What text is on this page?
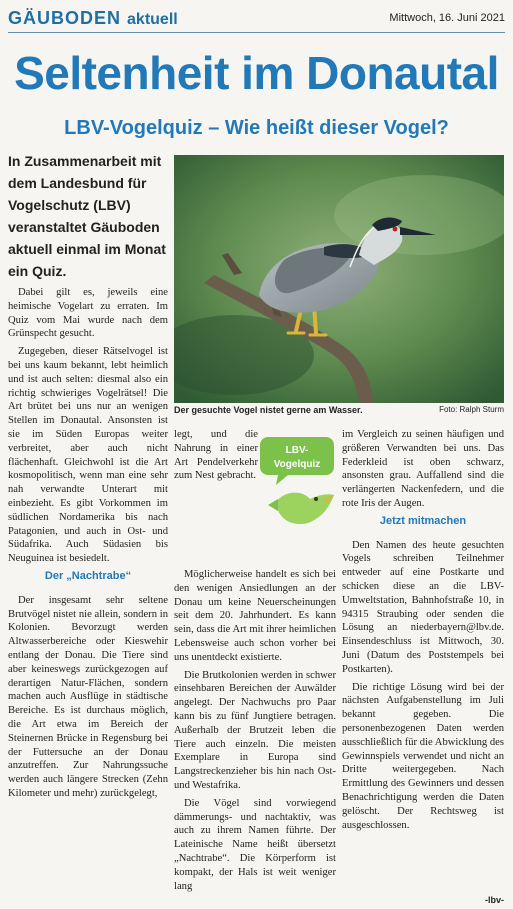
GÄUBODEN aktuell	Mittwoch, 16. Juni 2021
Seltenheit im Donautal
LBV-Vogelquiz – Wie heißt dieser Vogel?
In Zusammenarbeit mit dem Landesbund für Vogelschutz (LBV) veranstaltet Gäuboden aktuell einmal im Monat ein Quiz.
Der gesuchte Vogel nistet gerne am Wasser.	Foto: Ralph Sturm

Dabei gilt es, jeweils eine heimische Vogelart zu erraten. Im Quiz vom Mai wurde nach dem Grünspecht gesucht.

Zugegeben, dieser Rätselvogel ist bei uns kaum bekannt, lebt heimlich und ist auch selten: diesmal also ein richtig schwieriges Vogelrätsel! Die Art brütet bei uns nur an wenigen Stellen im Donautal. Ansonsten ist sie im Süden Europas weiter verbreitet, aber auch nicht flächenhaft. Gleichwohl ist die Art kosmopolitisch, wenn man eine sehr nah verwandte Unterart mit einbezieht. Es gibt Vorkommen im südlichen Nordamerika bis nach Patagonien, und auch in Ost- und Südafrika. Auch Südasien bis Neuguinea ist besiedelt.

Der „Nachtrabe“

Der insgesamt sehr seltene Brutvögel nistet nie allein, sondern in Kolonien. Bevorzugt werden Altwasserbereiche oder Kieswehir entlang der Donau. Die Tiere sind aber keineswegs zurückgezogen auf derartigen Natur-Flächen, sondern machen auch Ausflüge in städtische Bereiche. Es ist durchaus möglich, die Art etwa im Bereich der Steinernen Brücke in Regensburg bei der Futtersuche an der Donau anzutreffen. Zur Nahrungssuche werden auch längere Strecken (Zehn Kilometer und mehr) zurückgelegt,

legt, und die Nahrung in einer Art Pendelverkehr zum Nest gebracht.

LBV-
Vogelquiz

Möglicherweise handelt es sich bei den wenigen Ansiedlungen an der Donau um keine Neuerscheinungen seit dem 20. Jahrhundert. Es kann sein, dass die Art mit ihrer heimlichen Lebensweise auch schon vorher bei uns unentdeckt existierte.

Die Brutkolonien werden in schwer einsehbaren Bereichen der Auwälder angelegt. Der Nachwuchs pro Paar kann bis zu fünf Jungtiere betragen. Außerhalb der Brutzeit leben die Tiere auch einzeln. Die meisten Exemplare in Europa sind Langstreckenzieher bis hin nach Ost- und Westafrika.

Die Vögel sind vorwiegend dämmerungs- und nachtaktiv, was auch zu ihrem Namen führte. Der Lateinische Name heißt übersetzt „Nachtrabe“. Die Körperform ist kompakt, der Hals ist weit weniger lang

im Vergleich zu seinen häufigen und größeren Verwandten bei uns. Das Federkleid ist oben schwarz, ansonsten grau. Auffallend sind die verlängerten Nackenfedern, und die rote Iris der Augen.

Jetzt mitmachen

Den Namen des heute gesuchten Vogels schreiben Teilnehmer entweder auf eine Postkarte und schicken diese an die LBV-Umweltstation, Bahnhofstraße 10, in 94315 Straubing oder senden die Lösung an niederbayern@lbv.de. Einsendeschluss ist Mittwoch, 30. Juni (Datum des Poststempels bei Postkarten).

Die richtige Lösung wird bei der nächsten Aufgabenstellung im Juli bekannt gegeben. Die personenbezogenen Daten werden ausschließlich für die Abwicklung des Gewinnspiels verwendet und nicht an Dritte weitergegeben. Nach Ermittlung des Gewinners und dessen Benachrichtigung werden die Daten gelöscht. Der Rechtsweg ist ausgeschlossen.

-lbv-
